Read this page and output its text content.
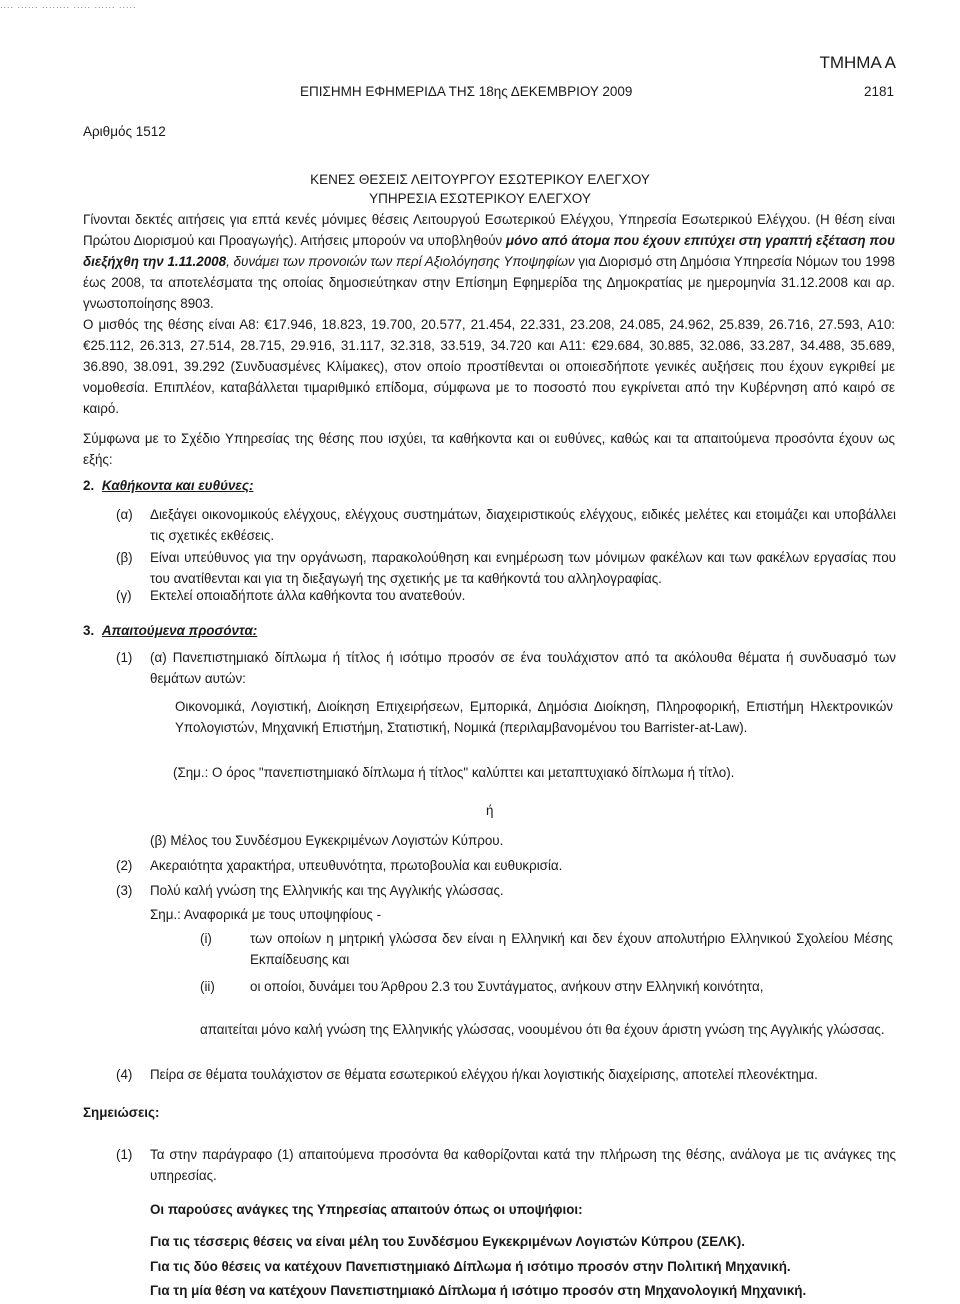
.... ...... ........ ..... ...... .....
ΤΜΗΜΑ Α
ΕΠΙΣΗΜΗ ΕΦΗΜΕΡΙΔΑ ΤΗΣ 18ης ΔΕΚΕΜΒΡΙΟΥ 2009	2181
Αριθμός 1512
ΚΕΝΕΣ ΘΕΣΕΙΣ ΛΕΙΤΟΥΡΓΟΥ ΕΣΩΤΕΡΙΚΟΥ ΕΛΕΓΧΟΥ
ΥΠΗΡΕΣΙΑ ΕΣΩΤΕΡΙΚΟΥ ΕΛΕΓΧΟΥ
Γίνονται δεκτές αιτήσεις για επτά κενές μόνιμες θέσεις Λειτουργού Εσωτερικού Ελέγχου, Υπηρεσία Εσωτερικού Ελέγχου. (Η θέση είναι Πρώτου Διορισμού και Προαγωγής). Αιτήσεις μπορούν να υποβληθούν μόνο από άτομα που έχουν επιτύχει στη γραπτή εξέταση που διεξήχθη την 1.11.2008, δυνάμει των προνοιών των περί Αξιολόγησης Υποψηφίων για Διορισμό στη Δημόσια Υπηρεσία Νόμων του 1998 έως 2008, τα αποτελέσματα της οποίας δημοσιεύτηκαν στην Επίσημη Εφημερίδα της Δημοκρατίας με ημερομηνία 31.12.2008 και αρ. γνωστοποίησης 8903.
Ο μισθός της θέσης είναι Α8: €17.946, 18.823, 19.700, 20.577, 21.454, 22.331, 23.208, 24.085, 24.962, 25.839, 26.716, 27.593, Α10: €25.112, 26.313, 27.514, 28.715, 29.916, 31.117, 32.318, 33.519, 34.720 και Α11: €29.684, 30.885, 32.086, 33.287, 34.488, 35.689, 36.890, 38.091, 39.292 (Συνδυασμένες Κλίμακες), στον οποίο προστίθενται οι οποιεσδήποτε γενικές αυξήσεις που έχουν εγκριθεί με νομοθεσία. Επιπλέον, καταβάλλεται τιμαριθμικό επίδομα, σύμφωνα με το ποσοστό που εγκρίνεται από την Κυβέρνηση από καιρό σε καιρό.
Σύμφωνα με το Σχέδιο Υπηρεσίας της θέσης που ισχύει, τα καθήκοντα και οι ευθύνες, καθώς και τα απαιτούμενα προσόντα έχουν ως εξής:
2. Καθήκοντα και ευθύνες:
(α) Διεξάγει οικονομικούς ελέγχους, ελέγχους συστημάτων, διαχειριστικούς ελέγχους, ειδικές μελέτες και ετοιμάζει και υποβάλλει τις σχετικές εκθέσεις.
(β) Είναι υπεύθυνος για την οργάνωση, παρακολούθηση και ενημέρωση των μόνιμων φακέλων και των φακέλων εργασίας που του ανατίθενται και για τη διεξαγωγή της σχετικής με τα καθήκοντά του αλληλογραφίας.
(γ) Εκτελεί οποιαδήποτε άλλα καθήκοντα του ανατεθούν.
3. Απαιτούμενα προσόντα:
(1) (α) Πανεπιστημιακό δίπλωμα ή τίτλος ή ισότιμο προσόν σε ένα τουλάχιστον από τα ακόλουθα θέματα ή συνδυασμό των θεμάτων αυτών:
Οικονομικά, Λογιστική, Διοίκηση Επιχειρήσεων, Εμπορικά, Δημόσια Διοίκηση, Πληροφορική, Επιστήμη Ηλεκτρονικών Υπολογιστών, Μηχανική Επιστήμη, Στατιστική, Νομικά (περιλαμβανομένου του Barrister-at-Law).
(Σημ.: Ο όρος "πανεπιστημιακό δίπλωμα ή τίτλος" καλύπτει και μεταπτυχιακό δίπλωμα ή τίτλο).
ή
(β) Μέλος του Συνδέσμου Εγκεκριμένων Λογιστών Κύπρου.
(2) Ακεραιότητα χαρακτήρα, υπευθυνότητα, πρωτοβουλία και ευθυκρισία.
(3) Πολύ καλή γνώση της Ελληνικής και της Αγγλικής γλώσσας.
Σημ.: Αναφορικά με τους υποψηφίους -
(i)	των οποίων η μητρική γλώσσα δεν είναι η Ελληνική και δεν έχουν απολυτήριο Ελληνικού Σχολείου Μέσης Εκπαίδευσης και
(ii)	οι οποίοι, δυνάμει του Άρθρου 2.3 του Συντάγματος, ανήκουν στην Ελληνική κοινότητα,
απαιτείται μόνο καλή γνώση της Ελληνικής γλώσσας, νοουμένου ότι θα έχουν άριστη γνώση της Αγγλικής γλώσσας.
(4) Πείρα σε θέματα τουλάχιστον σε θέματα εσωτερικού ελέγχου ή/και λογιστικής διαχείρισης, αποτελεί πλεονέκτημα.
Σημειώσεις:
(1) Τα στην παράγραφο (1) απαιτούμενα προσόντα θα καθορίζονται κατά την πλήρωση της θέσης, ανάλογα με τις ανάγκες της υπηρεσίας.
Οι παρούσες ανάγκες της Υπηρεσίας απαιτούν όπως οι υποψήφιοι:
Για τις τέσσερις θέσεις να είναι μέλη του Συνδέσμου Εγκεκριμένων Λογιστών Κύπρου (ΣΕΛΚ).
Για τις δύο θέσεις να κατέχουν Πανεπιστημιακό Δίπλωμα ή ισότιμο προσόν στην Πολιτική Μηχανική.
Για τη μία θέση να κατέχουν Πανεπιστημιακό Δίπλωμα ή ισότιμο προσόν στη Μηχανολογική Μηχανική.
